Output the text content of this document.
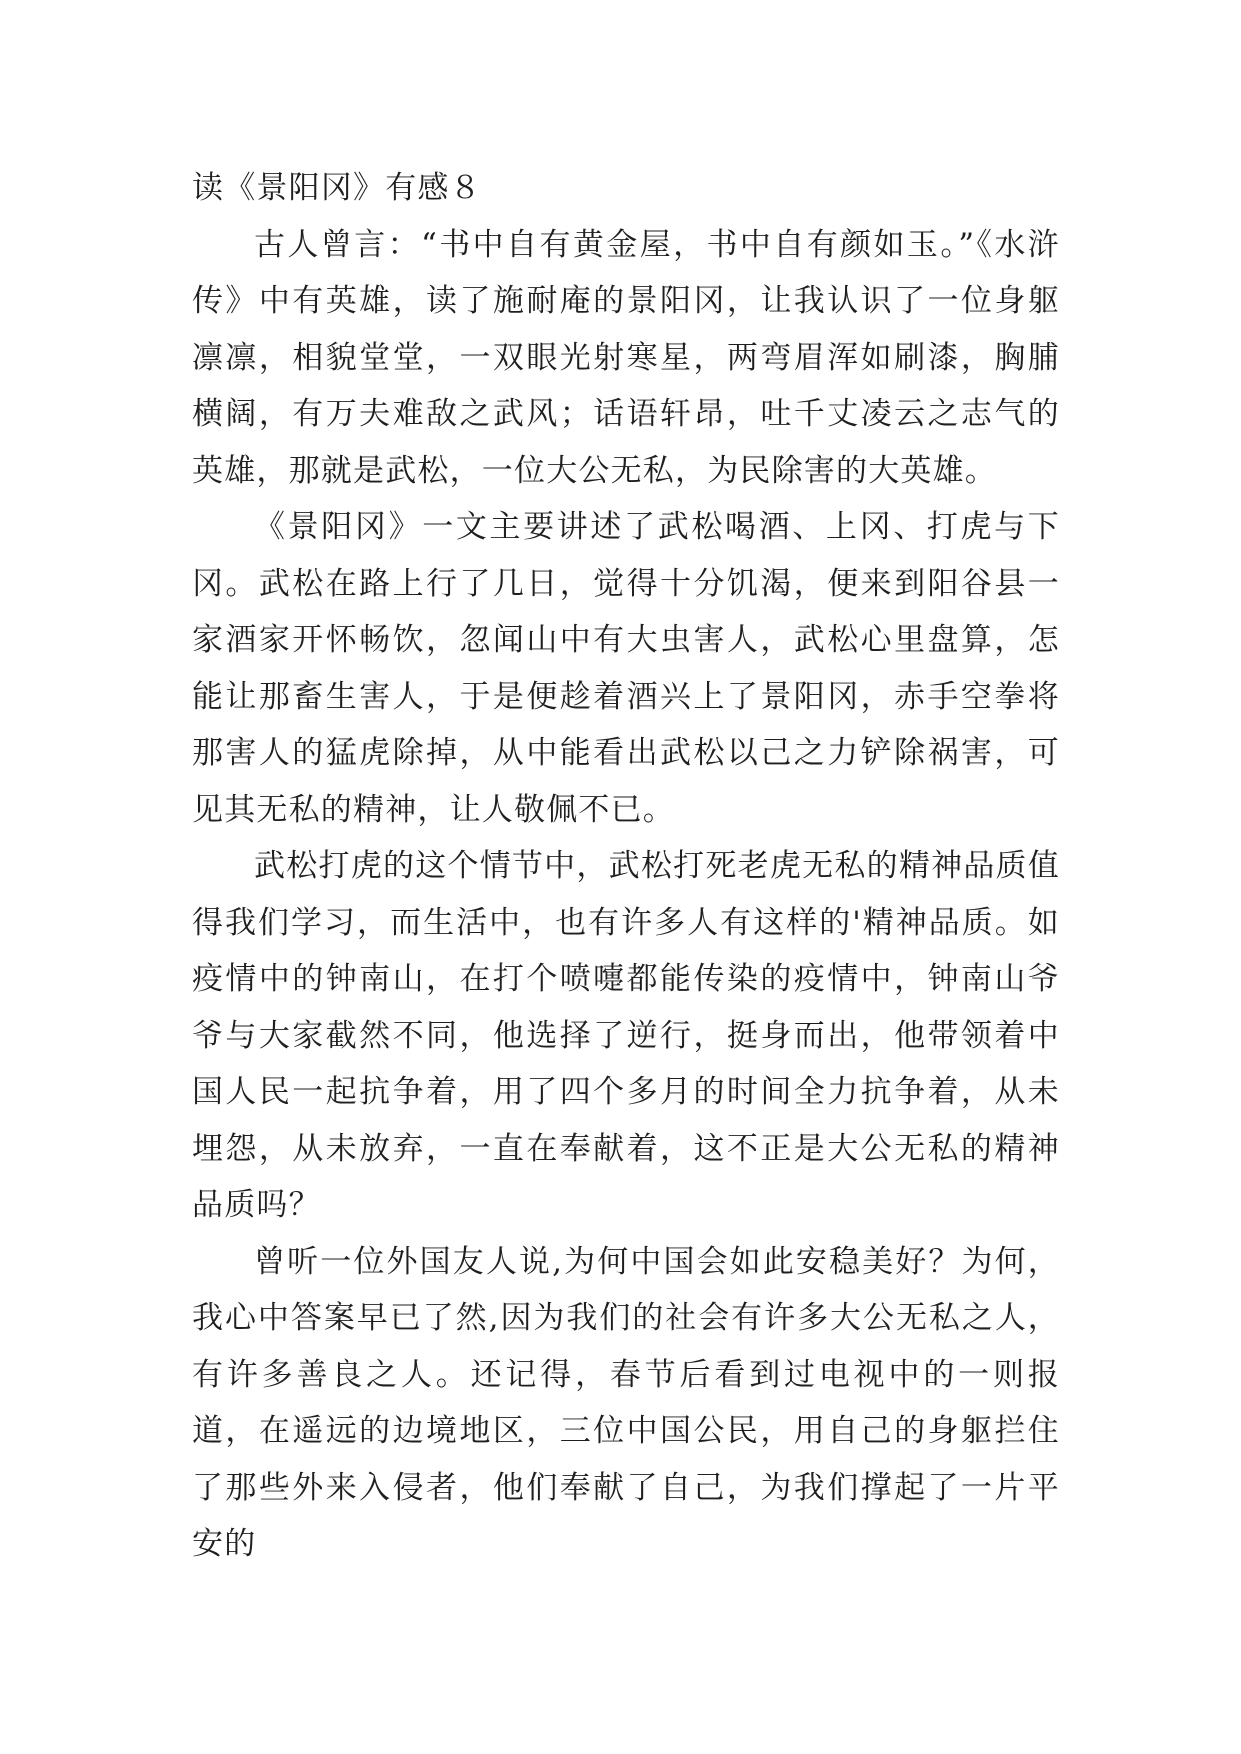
读《景阳冈》有感８

古人曾言：“书中自有黄金屋，书中自有颜如玉。”《水浒传》中有英雄，读了施耐庵的景阳冈，让我认识了一位身躯凛凛，相貌堂堂，一双眼光射寒星，两弯眉浑如刷漆，胸脯横阔，有万夫难敌之武风；话语轩昂，吐千丈凌云之志气的英雄，那就是武松，一位大公无私，为民除害的大英雄。

《景阳冈》一文主要讲述了武松喝酒、上冈、打虎与下冈。武松在路上行了几日，觉得十分饥渴，便来到阳谷县一家酒家开怀畅饮，忽闻山中有大虫害人，武松心里盘算，怎能让那畜生害人，于是便趁着酒兴上了景阳冈，赤手空拳将那害人的猛虎除掉，从中能看出武松以己之力铲除祸害，可见其无私的精神，让人敬佩不已。

武松打虎的这个情节中，武松打死老虎无私的精神品质值得我们学习，而生活中，也有许多人有这样的'精神品质。如疫情中的钟南山，在打个喷嚏都能传染的疫情中，钟南山爷爷与大家截然不同，他选择了逆行，挺身而出，他带领着中国人民一起抗争着，用了四个多月的时间全力抗争着，从未埋怨，从未放弃，一直在奉献着，这不正是大公无私的精神品质吗？

曾听一位外国友人说,为何中国会如此安稳美好？为何，我心中答案早已了然,因为我们的社会有许多大公无私之人，有许多善良之人。还记得，春节后看到过电视中的一则报道，在遥远的边境地区，三位中国公民，用自己的身躯拦住了那些外来入侵者，他们奉献了自己，为我们撑起了一片平安的
